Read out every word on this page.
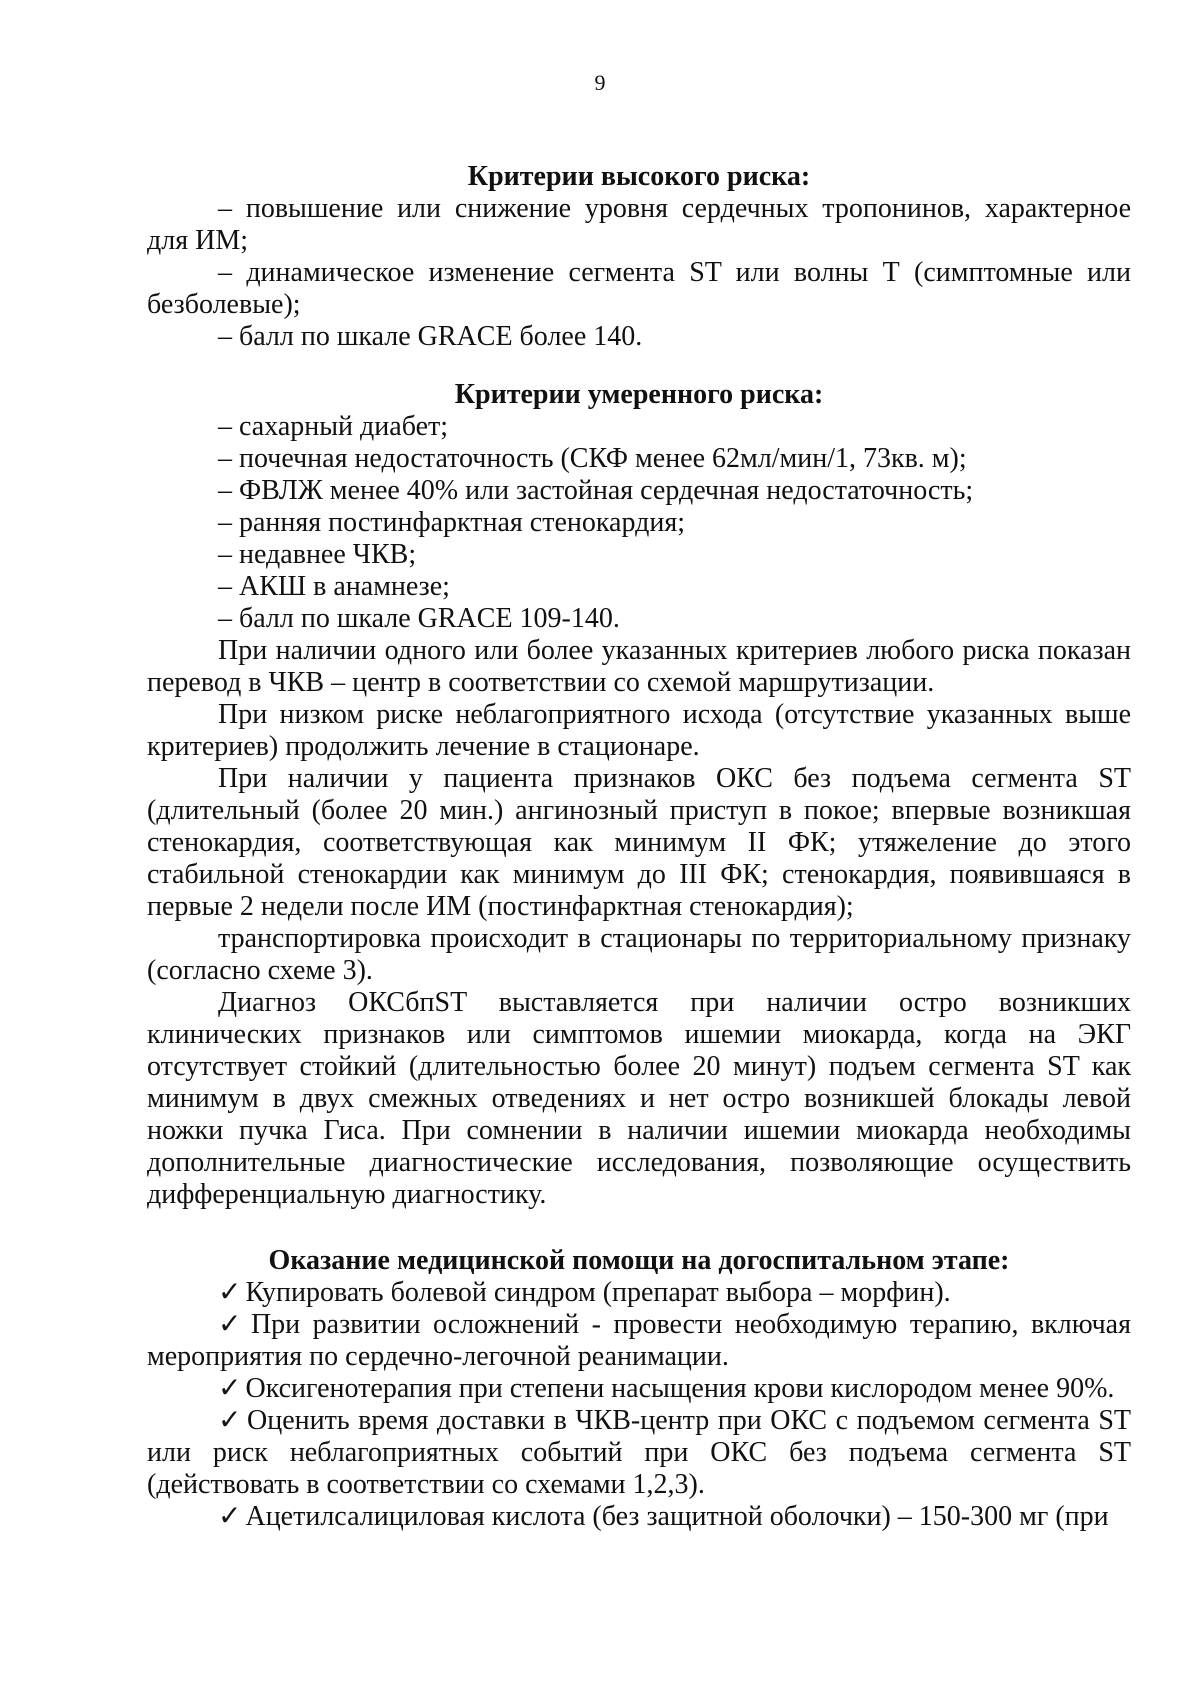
9
Критерии высокого риска:

– повышение или снижение уровня сердечных тропонинов, характерное для ИМ;

– динамическое изменение сегмента ST или волны Т (симптомные или безболевые);

– балл по шкале GRACE более 140.

Критерии умеренного риска:

– сахарный диабет;

– почечная недостаточность (СКФ менее 62мл/мин/1, 73кв. м);

– ФВЛЖ менее 40% или застойная сердечная недостаточность;

– ранняя постинфарктная стенокардия;

– недавнее ЧКВ;

– АКШ в анамнезе;

– балл по шкале GRACE 109-140.

При наличии одного или более указанных критериев любого риска показан перевод в ЧКВ – центр в соответствии со схемой маршрутизации.

При низком риске неблагоприятного исхода (отсутствие указанных выше критериев) продолжить лечение в стационаре.

При наличии у пациента признаков ОКС без подъема сегмента ST (длительный (более 20 мин.) ангинозный приступ в покое; впервые возникшая стенокардия, соответствующая как минимум II ФК; утяжеление до этого стабильной стенокардии как минимум до III ФК; стенокардия, появившаяся в первые 2 недели после ИМ (постинфарктная стенокардия);

транспортировка происходит в стационары по территориальному признаку (согласно схеме 3).

Диагноз ОКСбпST выставляется при наличии остро возникших клинических признаков или симптомов ишемии миокарда, когда на ЭКГ отсутствует стойкий (длительностью более 20 минут) подъем сегмента ST как минимум в двух смежных отведениях и нет остро возникшей блокады левой ножки пучка Гиса. При сомнении в наличии ишемии миокарда необходимы дополнительные диагностические исследования, позволяющие осуществить дифференциальную диагностику.

Оказание медицинской помощи на догоспитальном этапе:

✓ Купировать болевой синдром (препарат выбора – морфин).

✓ При развитии осложнений - провести необходимую терапию, включая мероприятия по сердечно-легочной реанимации.

✓ Оксигенотерапия при степени насыщения крови кислородом менее 90%.

✓ Оценить время доставки в ЧКВ-центр при ОКС с подъемом сегмента ST или риск неблагоприятных событий при ОКС без подъема сегмента ST (действовать в соответствии со схемами 1,2,3).

✓ Ацетилсалициловая кислота (без защитной оболочки) – 150-300 мг (при
